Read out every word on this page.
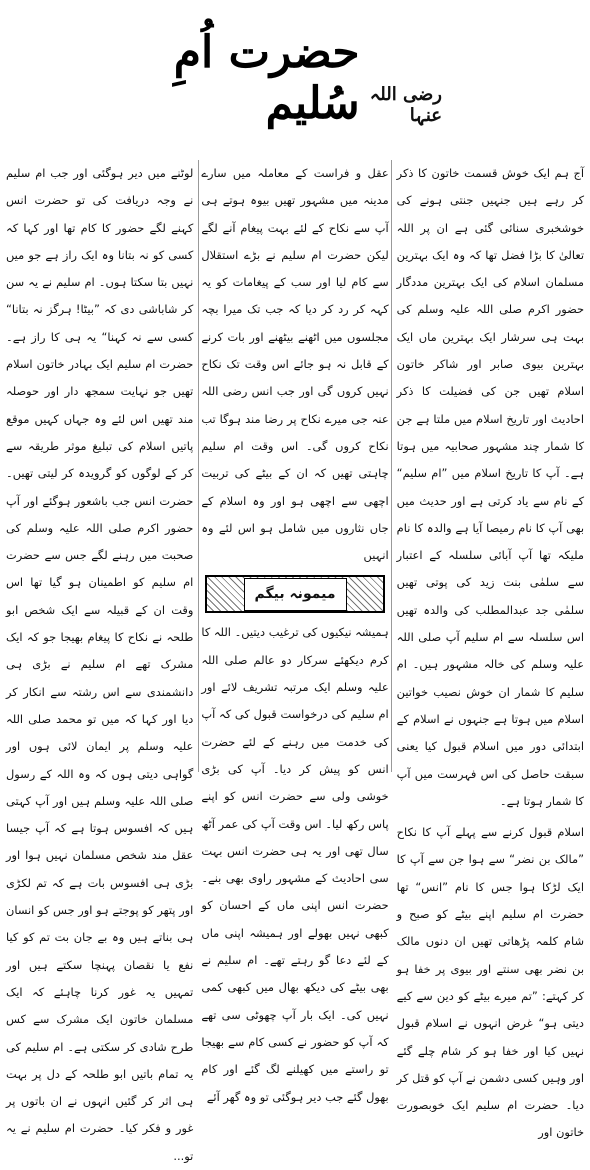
حضرت اُمِ سُلیم رضی اللہ عنہا

آج ہم ایک خوش قسمت خاتون کا ذکر کر رہے ہیں جنہیں جنتی ہونے کی خوشخبری سنائی گئی ہے ان پر اللہ تعالیٰ کا بڑا فضل تھا کہ وہ ایک بہترین مسلمان اسلام کی ایک بہترین مددگار حضور اکرم صلی اللہ علیہ وسلم کی بہت ہی سرشار ایک بہترین ماں ایک بہترین بیوی صابر اور شاکر خاتون اسلام تھیں جن کی فضیلت کا ذکر احادیث اور تاریخ اسلام میں ملتا ہے جن کا شمار چند مشہور صحابیہ میں ہوتا ہے۔ آپ کا تاریخ اسلام میں ”ام سلیم“ کے نام سے یاد کرتی ہے اور حدیث میں بھی آپ کا نام رمیصا آیا ہے والدہ کا نام ملیکہ تھا آپ آبائی سلسلہ کے اعتبار سے سلمٰی بنت زید کی پوتی تھیں سلمٰی جد عبدالمطلب کی والدہ تھیں اس سلسلہ سے ام سلیم آپ صلی اللہ علیہ وسلم کی خالہ مشہور ہیں۔ ام سلیم کا شمار ان خوش نصیب خواتین اسلام میں ہوتا ہے جنہوں نے اسلام کے ابتدائی دور میں اسلام قبول کیا یعنی سبقت حاصل کی اس فہرست میں آپ کا شمار ہوتا ہے۔

اسلام قبول کرنے سے پہلے آپ کا نکاح ”مالک بن نضر“ سے ہوا جن سے آپ کا ایک لڑکا ہوا جس کا نام ”انس“ تھا حضرت ام سلیم اپنے بیٹے کو صبح و شام کلمہ پڑھاتی تھیں ان دنوں مالک بن نضر بھی سنتے اور بیوی پر خفا ہو کر کہتے: ”تم میرے بیٹے کو دین سے کیے دیتی ہو“ غرض انہوں نے اسلام قبول نہیں کیا اور خفا ہو کر شام چلے گئے اور وہیں کسی دشمن نے آپ کو قتل کر دیا۔ حضرت ام سلیم ایک خوبصورت خاتون اور

عقل و فراست کے معاملہ میں سارے مدینہ میں مشہور تھیں بیوہ ہوتے ہی آپ سے نکاح کے لئے بہت پیغام آنے لگے لیکن حضرت ام سلیم نے بڑے استقلال سے کام لیا اور سب کے پیغامات کو یہ کہہ کر رد کر دیا کہ جب تک میرا بچہ مجلسوں میں اٹھنے بیٹھنے اور بات کرنے کے قابل نہ ہو جائے اس وقت تک نکاح نہیں کروں گی اور جب انس رضی اللہ عنہ جی میرے نکاح پر رضا مند ہوگا تب نکاح کروں گی۔ اس وقت ام سلیم چاہتی تھیں کہ ان کے بیٹے کی تربیت اچھی سے اچھی ہو اور وہ اسلام کے جاں نثاروں میں شامل ہو اس لئے وہ انہیں

میمونہ بیگم

ہمیشہ نیکیوں کی ترغیب دیتیں۔ اللہ کا کرم دیکھئے سرکار دو عالم صلی اللہ علیہ وسلم ایک مرتبہ تشریف لائے اور ام سلیم کی درخواست قبول کی کہ آپ کی خدمت میں رہنے کے لئے حضرت انس کو پیش کر دیا۔ آپ کی بڑی خوشی ولی سے حضرت انس کو اپنے پاس رکھ لیا۔ اس وقت آپ کی عمر آٹھ سال تھی اور یہ ہی حضرت انس بہت سی احادیث کے مشہور راوی بھی بنے۔ حضرت انس اپنی ماں کے احسان کو کبھی نہیں بھولے اور ہمیشہ اپنی ماں کے لئے دعا گو رہتے تھے۔ ام سلیم نے بھی بیٹے کی دیکھ بھال میں کبھی کمی نہیں کی۔ ایک بار آپ چھوٹی سی تھے کہ آپ کو حضور نے کسی کام سے بھیجا تو راستے میں کھیلنے لگ گئے اور کام بھول گئے جب دیر ہوگئی تو وہ گھر آئے

لوٹنے میں دیر ہوگئی اور جب ام سلیم نے وجہ دریافت کی تو حضرت انس کہنے لگے حضور کا کام تھا اور کہا کہ کسی کو نہ بتانا وہ ایک راز ہے جو میں نہیں بتا سکتا ہوں۔ ام سلیم نے یہ سن کر شاباشی دی کہ ”بیٹا! ہرگز نہ بتانا“ کسی سے نہ کہنا“ یہ ہی کا راز ہے۔ حضرت ام سلیم ایک بہادر خاتون اسلام تھیں جو نہایت سمجھ دار اور حوصلہ مند تھیں اس لئے وہ جہاں کہیں موقع پاتیں اسلام کی تبلیغ موثر طریقہ سے کر کے لوگوں کو گرویدہ کر لیتی تھیں۔ حضرت انس جب باشعور ہوگئے اور آپ حضور اکرم صلی اللہ علیہ وسلم کی صحبت میں رہنے لگے جس سے حضرت ام سلیم کو اطمینان ہو گیا تھا اس وقت ان کے قبیلہ سے ایک شخص ابو طلحہ نے نکاح کا پیغام بھیجا جو کہ ایک مشرک تھے ام سلیم نے بڑی ہی دانشمندی سے اس رشتہ سے انکار کر دیا اور کہا کہ میں تو محمد صلی اللہ علیہ وسلم پر ایمان لائی ہوں اور گواہی دیتی ہوں کہ وہ اللہ کے رسول صلی اللہ علیہ وسلم ہیں اور آپ کہتی ہیں کہ افسوس ہوتا ہے کہ آپ جیسا عقل مند شخص مسلمان نہیں ہوا اور بڑی ہی افسوس بات ہے کہ تم لکڑی اور پتھر کو پوجتے ہو اور جس کو انسان ہی بناتے ہیں وہ بے جان بت تم کو کیا نفع یا نقصان پہنچا سکتے ہیں اور تمہیں یہ غور کرنا چاہئے کہ ایک مسلمان خاتون ایک مشرک سے کس طرح شادی کر سکتی ہے۔ ام سلیم کی یہ تمام باتیں ابو طلحہ کے دل پر بہت ہی اثر کر گئیں انہوں نے ان باتوں پر غور و فکر کیا۔ حضرت ام سلیم نے یہ تو...
